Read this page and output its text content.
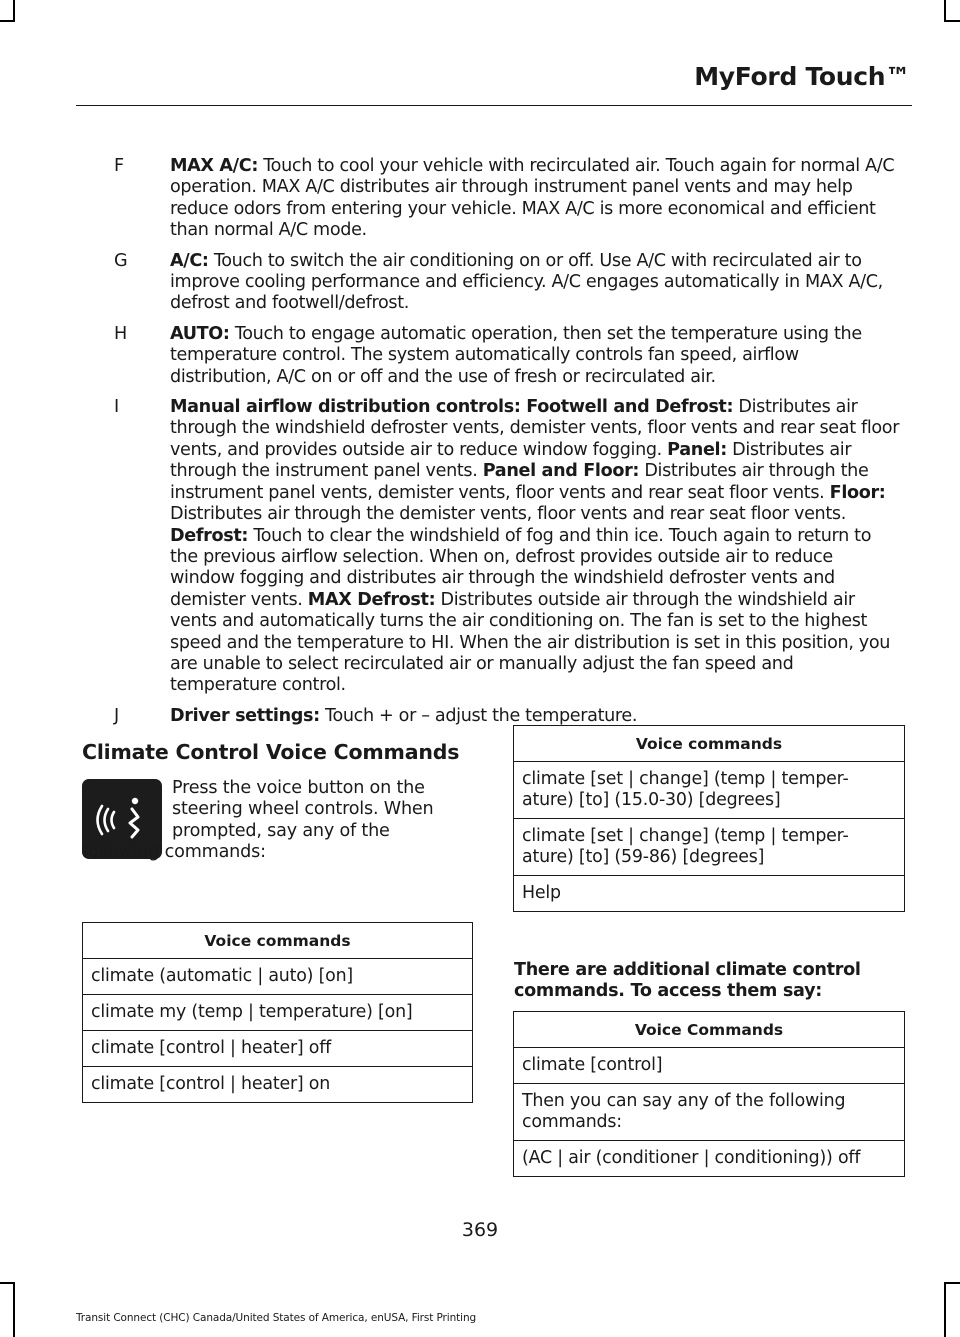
MyFord Touch™
F	MAX A/C: Touch to cool your vehicle with recirculated air. Touch again for normal A/C operation. MAX A/C distributes air through instrument panel vents and may help reduce odors from entering your vehicle. MAX A/C is more economical and efficient than normal A/C mode.
G	A/C: Touch to switch the air conditioning on or off. Use A/C with recirculated air to improve cooling performance and efficiency. A/C engages automatically in MAX A/C, defrost and footwell/defrost.
H	AUTO: Touch to engage automatic operation, then set the temperature using the temperature control. The system automatically controls fan speed, airflow distribution, A/C on or off and the use of fresh or recirculated air.
I	Manual airflow distribution controls: Footwell and Defrost: Distributes air through the windshield defroster vents, demister vents, floor vents and rear seat floor vents, and provides outside air to reduce window fogging. Panel: Distributes air through the instrument panel vents. Panel and Floor: Distributes air through the instrument panel vents, demister vents, floor vents and rear seat floor vents. Floor: Distributes air through the demister vents, floor vents and rear seat floor vents. Defrost: Touch to clear the windshield of fog and thin ice. Touch again to return to the previous airflow selection. When on, defrost provides outside air to reduce window fogging and distributes air through the windshield defroster vents and demister vents. MAX Defrost: Distributes outside air through the windshield air vents and automatically turns the air conditioning on. The fan is set to the highest speed and the temperature to HI. When the air distribution is set in this position, you are unable to select recirculated air or manually adjust the fan speed and temperature control.
J	Driver settings: Touch + or – adjust the temperature.
Climate Control Voice Commands
Press the voice button on the steering wheel controls. When prompted, say any of the following commands:
Voice commands
climate (automatic | auto) [on]
climate my (temp | temperature) [on]
climate [control | heater] off
climate [control | heater] on
Voice commands
climate [set | change] (temp | temper-ature) [to] (15.0-30) [degrees]
climate [set | change] (temp | temper-ature) [to] (59-86) [degrees]
Help
There are additional climate control commands. To access them say:
Voice Commands
climate [control]
Then you can say any of the following commands:
(AC | air (conditioner | conditioning)) off
369
Transit Connect (CHC) Canada/United States of America, enUSA, First Printing
